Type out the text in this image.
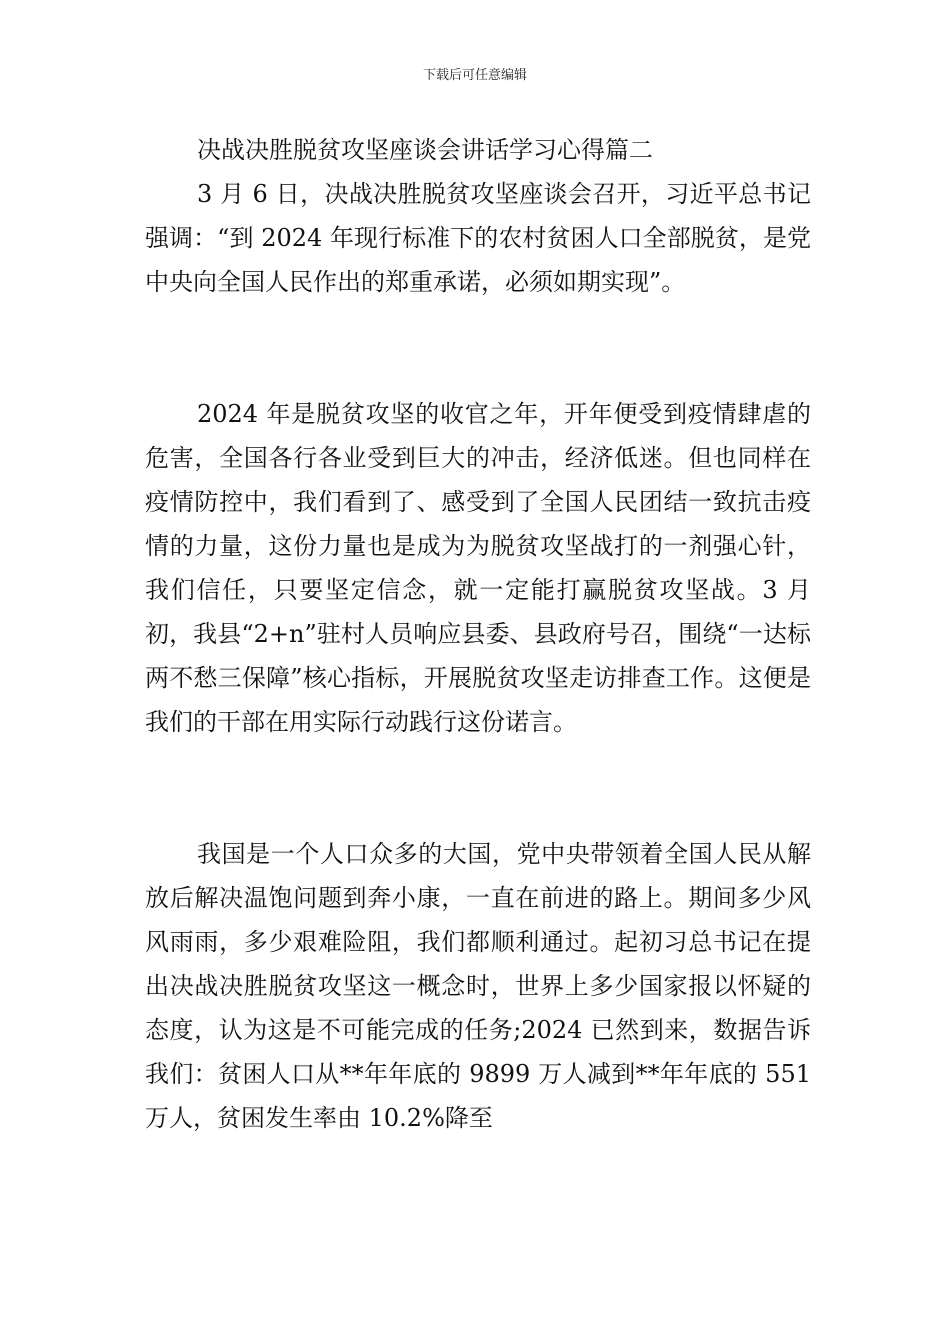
下载后可任意编辑
决战决胜脱贫攻坚座谈会讲话学习心得篇二

3 月 6 日，决战决胜脱贫攻坚座谈会召开，习近平总书记强调：“到 2024 年现行标准下的农村贫困人口全部脱贫，是党中央向全国人民作出的郑重承诺，必须如期实现”。

2024 年是脱贫攻坚的收官之年，开年便受到疫情肆虐的危害，全国各行各业受到巨大的冲击，经济低迷。但也同样在疫情防控中，我们看到了、感受到了全国人民团结一致抗击疫情的力量，这份力量也是成为为脱贫攻坚战打的一剂强心针，我们信任，只要坚定信念，就一定能打赢脱贫攻坚战。3 月初，我县“2+n”驻村人员响应县委、县政府号召，围绕“一达标两不愁三保障”核心指标，开展脱贫攻坚走访排查工作。这便是我们的干部在用实际行动践行这份诺言。

我国是一个人口众多的大国，党中央带领着全国人民从解放后解决温饱问题到奔小康，一直在前进的路上。期间多少风风雨雨，多少艰难险阻，我们都顺利通过。起初习总书记在提出决战决胜脱贫攻坚这一概念时，世界上多少国家报以怀疑的态度，认为这是不可能完成的任务;2024 已然到来，数据告诉我们：贫困人口从**年年底的 9899 万人减到**年年底的 551 万人，贫困发生率由 10.2%降至
